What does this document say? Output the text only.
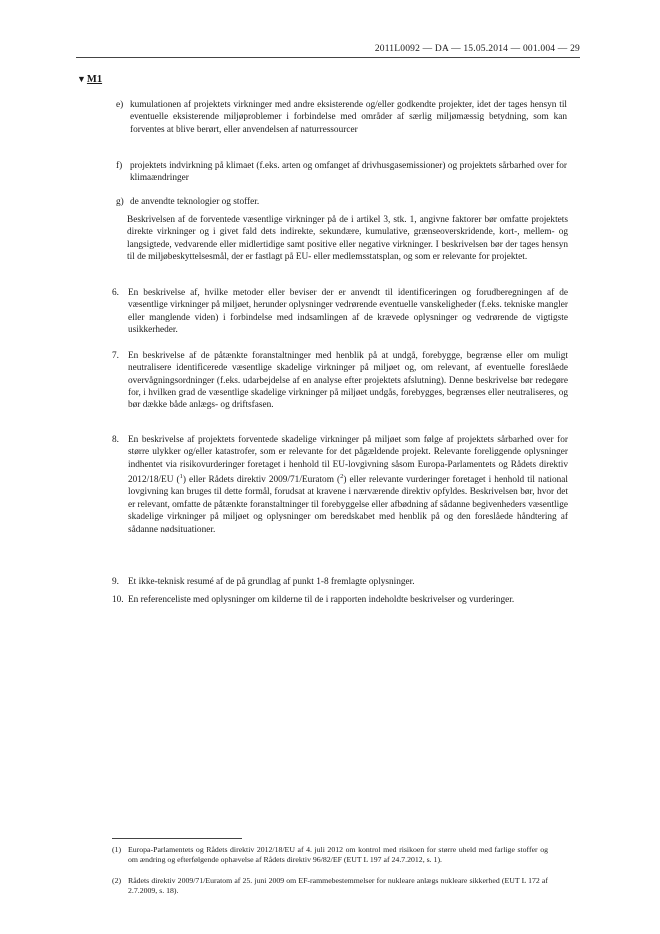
2011L0092 — DA — 15.05.2014 — 001.004 — 29
▼M1
e) kumulationen af projektets virkninger med andre eksisterende og/eller godkendte projekter, idet der tages hensyn til eventuelle eksisterende miljøproblemer i forbindelse med områder af særlig miljømæssig betydning, som kan forventes at blive berørt, eller anvendelsen af naturressourcer
f) projektets indvirkning på klimaet (f.eks. arten og omfanget af drivhusgasemissioner) og projektets sårbarhed over for klimaændringer
g) de anvendte teknologier og stoffer.
Beskrivelsen af de forventede væsentlige virkninger på de i artikel 3, stk. 1, angivne faktorer bør omfatte projektets direkte virkninger og i givet fald dets indirekte, sekundære, kumulative, grænseoverskridende, kort-, mellem- og langsigtede, vedvarende eller midlertidige samt positive eller negative virkninger. I beskrivelsen bør der tages hensyn til de miljøbeskyttelsesmål, der er fastlagt på EU- eller medlemsstatsplan, og som er relevante for projektet.
6. En beskrivelse af, hvilke metoder eller beviser der er anvendt til identificeringen og forudberegningen af de væsentlige virkninger på miljøet, herunder oplysninger vedrørende eventuelle vanskeligheder (f.eks. tekniske mangler eller manglende viden) i forbindelse med indsamlingen af de krævede oplysninger og vedrørende de vigtigste usikkerheder.
7. En beskrivelse af de påtænkte foranstaltninger med henblik på at undgå, forebygge, begrænse eller om muligt neutralisere identificerede væsentlige skadelige virkninger på miljøet og, om relevant, af eventuelle foreslåede overvågningsordninger (f.eks. udarbejdelse af en analyse efter projektets afslutning). Denne beskrivelse bør redegøre for, i hvilken grad de væsentlige skadelige virkninger på miljøet undgås, forebygges, begrænses eller neutraliseres, og bør dække både anlægs- og driftsfasen.
8. En beskrivelse af projektets forventede skadelige virkninger på miljøet som følge af projektets sårbarhed over for større ulykker og/eller katastrofer, som er relevante for det pågældende projekt. Relevante foreliggende oplysninger indhentet via risikovurderinger foretaget i henhold til EU-lovgivning såsom Europa-Parlamentets og Rådets direktiv 2012/18/EU ($^1$) eller Rådets direktiv 2009/71/Euratom ($^2$) eller relevante vurderinger foretaget i henhold til national lovgivning kan bruges til dette formål, forudsat at kravene i nærværende direktiv opfyldes. Beskrivelsen bør, hvor det er relevant, omfatte de påtænkte foranstaltninger til forebyggelse eller afbødning af sådanne begivenheders væsentlige skadelige virkninger på miljøet og oplysninger om beredskabet med henblik på og den foreslåede håndtering af sådanne nødsituationer.
9. Et ikke-teknisk resumé af de på grundlag af punkt 1-8 fremlagte oplysninger.
10. En referenceliste med oplysninger om kilderne til de i rapporten indeholdte beskrivelser og vurderinger.
(1) Europa-Parlamentets og Rådets direktiv 2012/18/EU af 4. juli 2012 om kontrol med risikoen for større uheld med farlige stoffer og om ændring og efterfølgende ophævelse af Rådets direktiv 96/82/EF (EUT L 197 af 24.7.2012, s. 1).
(2) Rådets direktiv 2009/71/Euratom af 25. juni 2009 om EF-rammebestemmelser for nukleare anlægs nukleare sikkerhed (EUT L 172 af 2.7.2009, s. 18).
